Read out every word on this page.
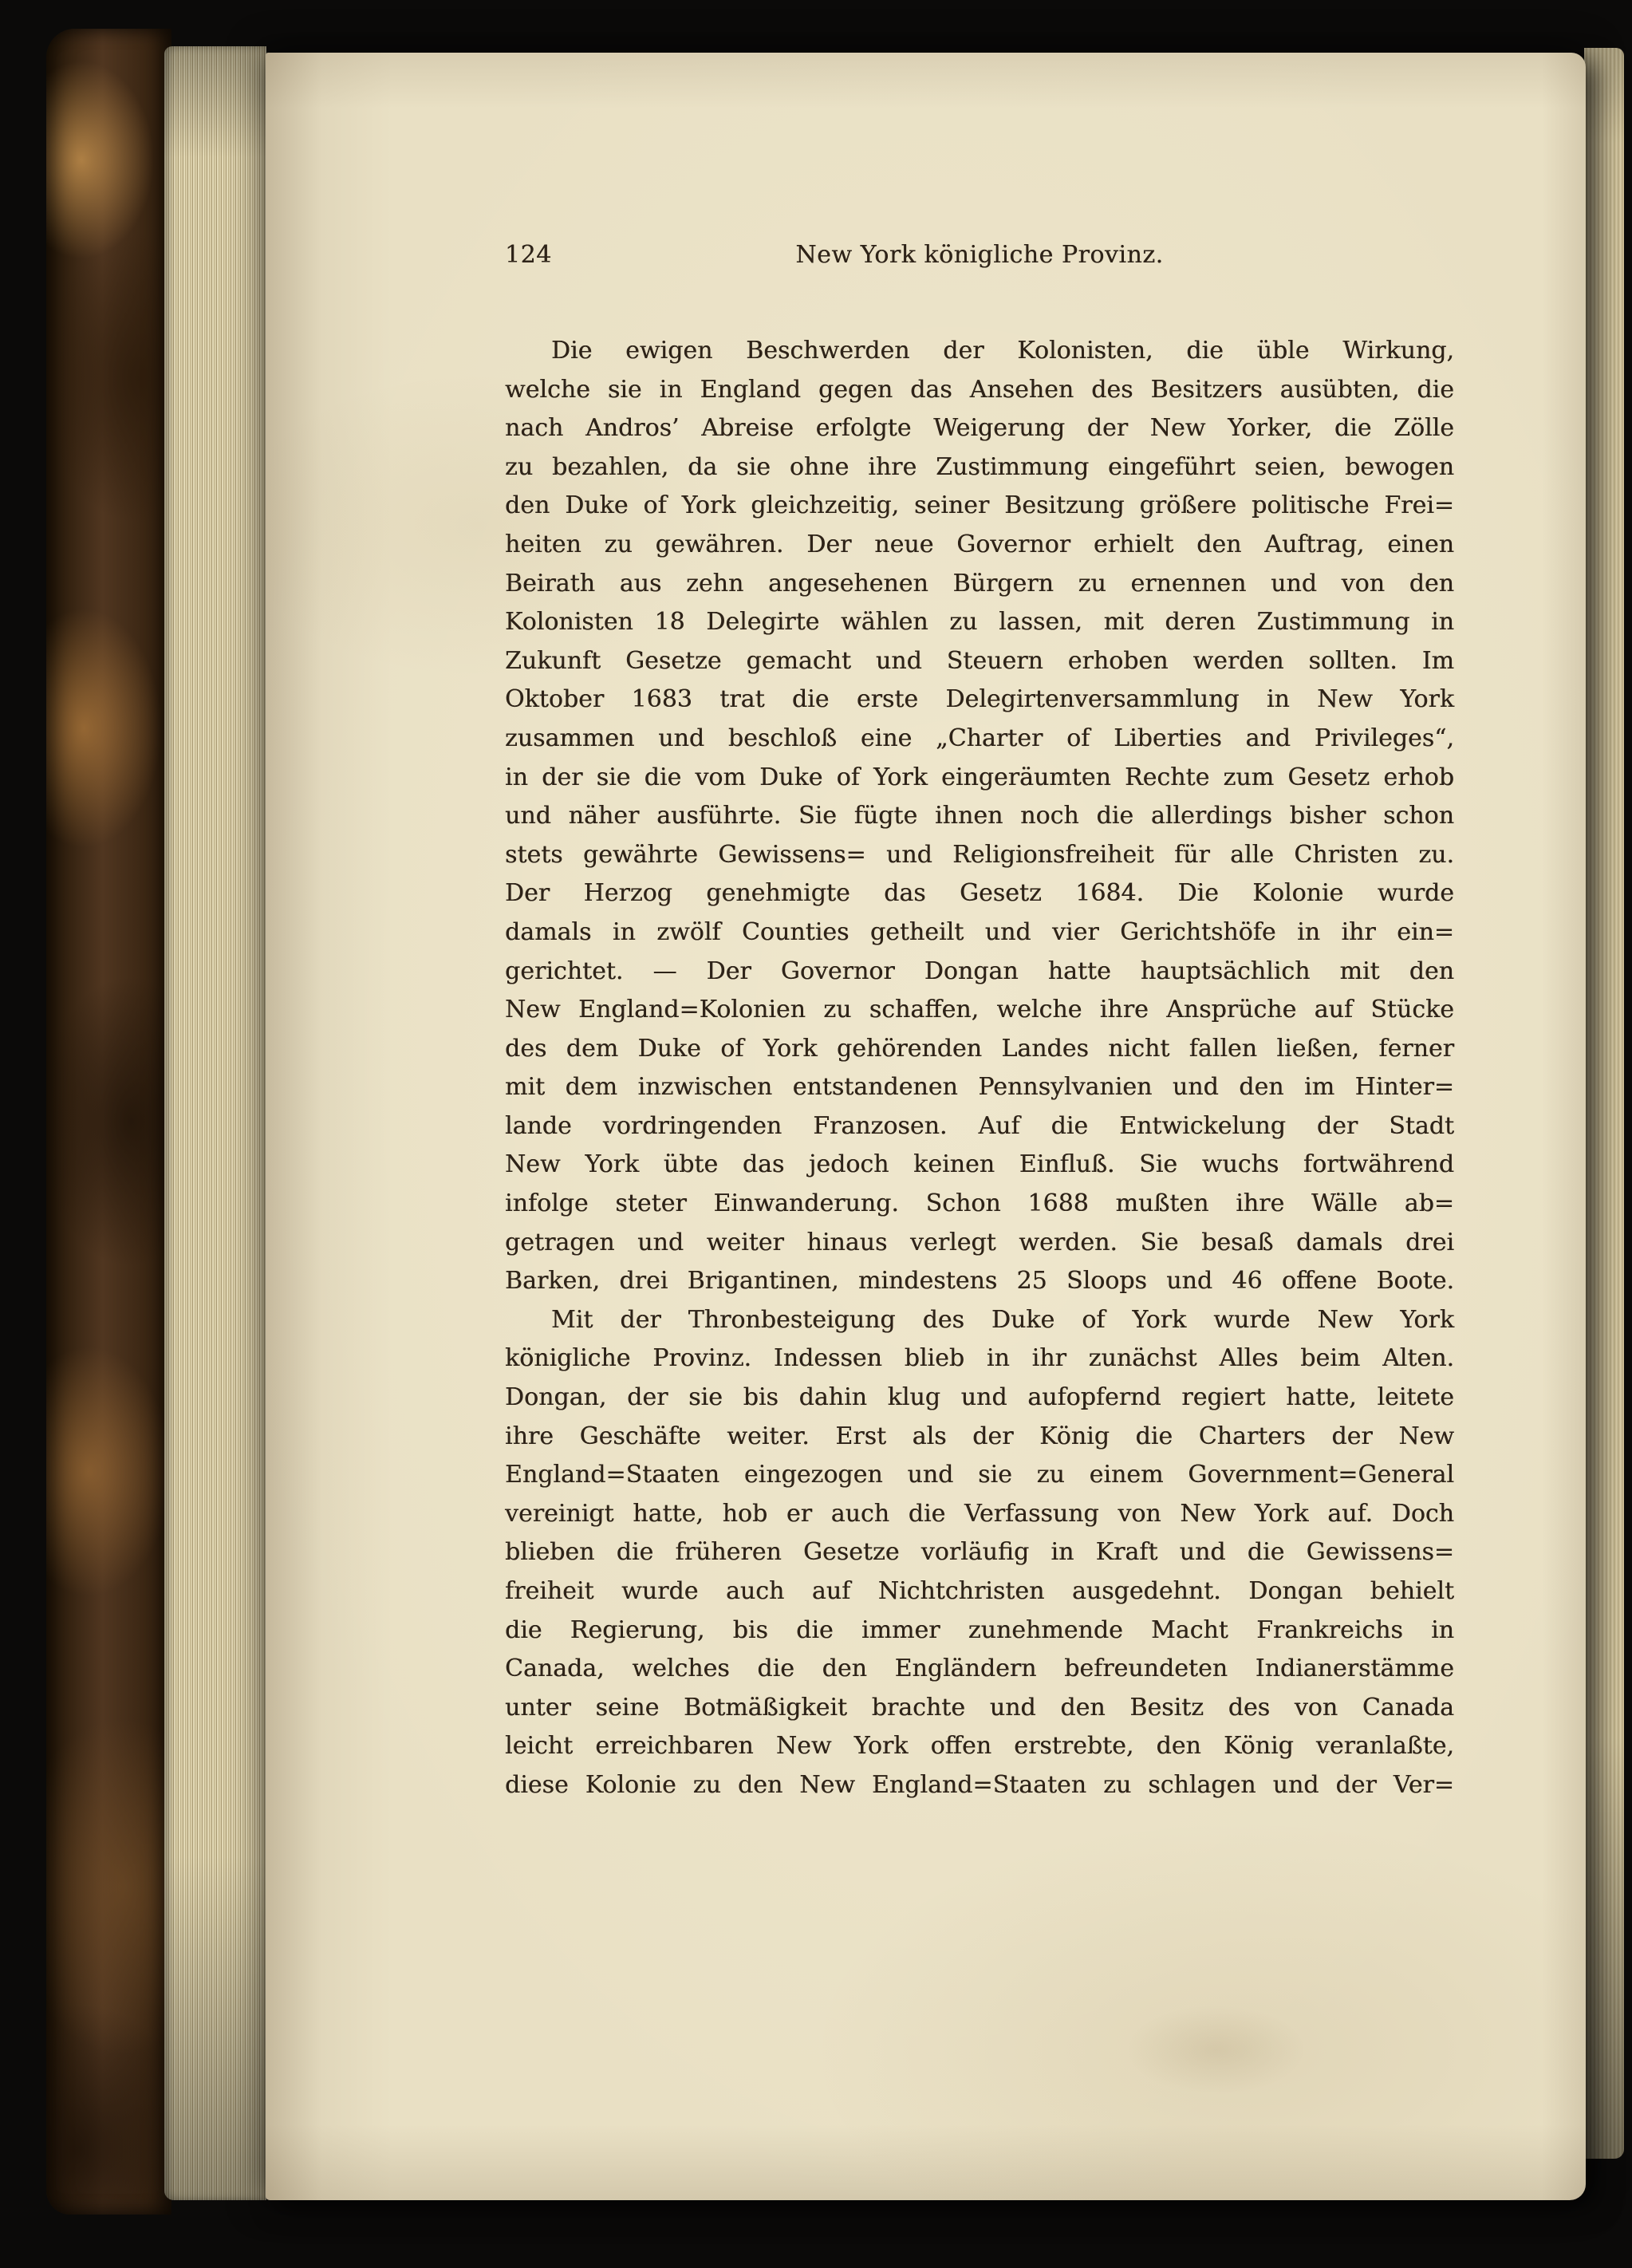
124	New York königliche Provinz.
Die ewigen Beschwerden der Kolonisten, die üble Wirkung,
welche sie in England gegen das Ansehen des Besitzers ausübten, die
nach Andros’ Abreise erfolgte Weigerung der New Yorker, die Zölle
zu bezahlen, da sie ohne ihre Zustimmung eingeführt seien, bewogen
den Duke of York gleichzeitig, seiner Besitzung größere politische Frei=
heiten zu gewähren. Der neue Governor erhielt den Auftrag, einen
Beirath aus zehn angesehenen Bürgern zu ernennen und von den
Kolonisten 18 Delegirte wählen zu lassen, mit deren Zustimmung in
Zukunft Gesetze gemacht und Steuern erhoben werden sollten. Im
Oktober 1683 trat die erste Delegirtenversammlung in New York
zusammen und beschloß eine „Charter of Liberties and Privileges“,
in der sie die vom Duke of York eingeräumten Rechte zum Gesetz erhob
und näher ausführte. Sie fügte ihnen noch die allerdings bisher schon
stets gewährte Gewissens= und Religionsfreiheit für alle Christen zu.
Der Herzog genehmigte das Gesetz 1684. Die Kolonie wurde
damals in zwölf Counties getheilt und vier Gerichtshöfe in ihr ein=
gerichtet. — Der Governor Dongan hatte hauptsächlich mit den
New England=Kolonien zu schaffen, welche ihre Ansprüche auf Stücke
des dem Duke of York gehörenden Landes nicht fallen ließen, ferner
mit dem inzwischen entstandenen Pennsylvanien und den im Hinter=
lande vordringenden Franzosen. Auf die Entwickelung der Stadt
New York übte das jedoch keinen Einfluß. Sie wuchs fortwährend
infolge steter Einwanderung. Schon 1688 mußten ihre Wälle ab=
getragen und weiter hinaus verlegt werden. Sie besaß damals drei
Barken, drei Brigantinen, mindestens 25 Sloops und 46 offene Boote.
Mit der Thronbesteigung des Duke of York wurde New York
königliche Provinz. Indessen blieb in ihr zunächst Alles beim Alten.
Dongan, der sie bis dahin klug und aufopfernd regiert hatte, leitete
ihre Geschäfte weiter. Erst als der König die Charters der New
England=Staaten eingezogen und sie zu einem Government=General
vereinigt hatte, hob er auch die Verfassung von New York auf. Doch
blieben die früheren Gesetze vorläufig in Kraft und die Gewissens=
freiheit wurde auch auf Nichtchristen ausgedehnt. Dongan behielt
die Regierung, bis die immer zunehmende Macht Frankreichs in
Canada, welches die den Engländern befreundeten Indianerstämme
unter seine Botmäßigkeit brachte und den Besitz des von Canada
leicht erreichbaren New York offen erstrebte, den König veranlaßte,
diese Kolonie zu den New England=Staaten zu schlagen und der Ver=
